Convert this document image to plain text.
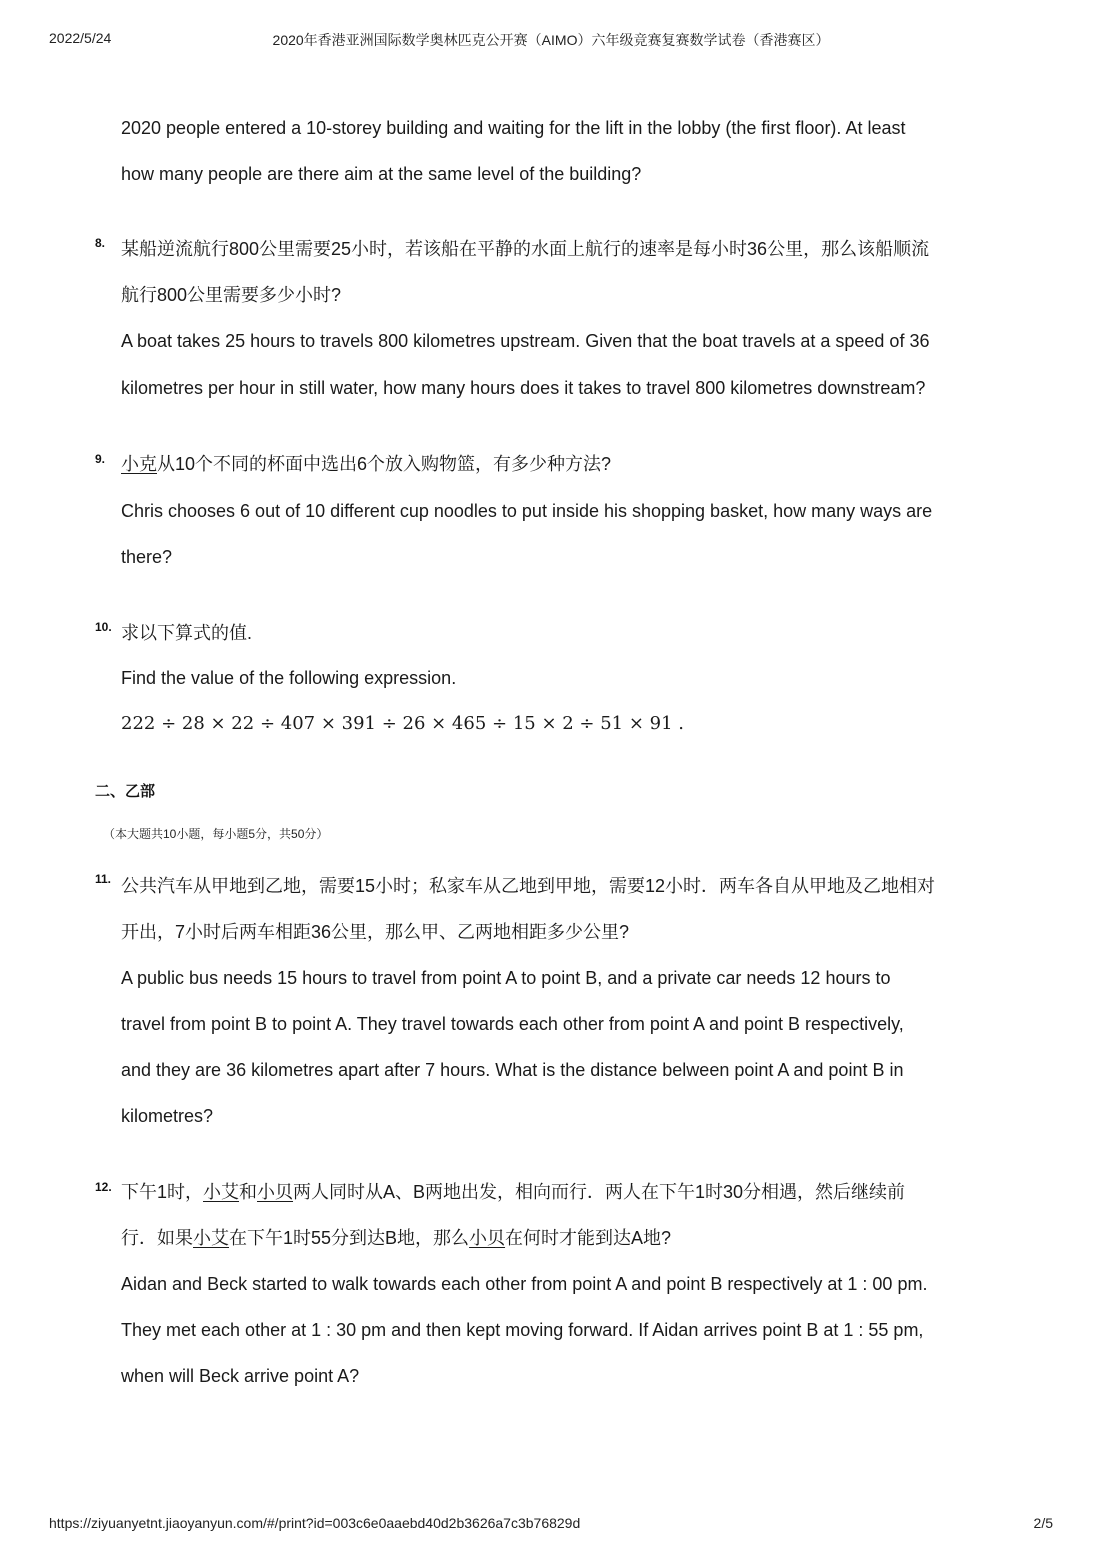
2022/5/24	2020年香港亚洲国际数学奥林匹克公开赛（AIMO）六年级竞赛复赛数学试卷（香港赛区）
2020 people entered a 10-storey building and waiting for the lift in the lobby (the first floor). At least
how many people are there aim at the same level of the building?
8. 某船逆流航行800公里需要25小时，若该船在平静的水面上航行的速率是每小时36公里，那么该船顺流
航行800公里需要多少小时?
A boat takes 25 hours to travels 800 kilometres upstream. Given that the boat travels at a speed of 36
kilometres per hour in still water, how many hours does it takes to travel 800 kilometres downstream?
9. 小克从10个不同的杯面中选出6个放入购物篮，有多少种方法?
Chris chooses 6 out of 10 different cup noodles to put inside his shopping basket, how many ways are
there?
10. 求以下算式的值.
Find the value of the following expression.
222 ÷ 28 × 22 ÷ 407 × 391 ÷ 26 × 465 ÷ 15 × 2 ÷ 51 × 91 .
二、乙部
（本大题共10小题，每小题5分，共50分）
11. 公共汽车从甲地到乙地，需要15小时；私家车从乙地到甲地，需要12小时．两车各自从甲地及乙地相对
开出，7小时后两车相距36公里，那么甲、乙两地相距多少公里?
A public bus needs 15 hours to travel from point A to point B, and a private car needs 12 hours to
travel from point B to point A. They travel towards each other from point A and point B respectively,
and they are 36 kilometres apart after 7 hours. What is the distance belween point A and point B in
kilometres?
12. 下午1时，小艾和小贝两人同时从A、B两地出发，相向而行．两人在下午1时30分相遇，然后继续前
行．如果小艾在下午1时55分到达B地，那么小贝在何时才能到达A地?
Aidan and Beck started to walk towards each other from point A and point B respectively at 1 : 00 pm.
They met each other at 1 : 30 pm and then kept moving forward. If Aidan arrives point B at 1 : 55 pm,
when will Beck arrive point A?
https://ziyuanyetnt.jiaoyanyun.com/#/print?id=003c6e0aaebd40d2b3626a7c3b76829d	2/5
